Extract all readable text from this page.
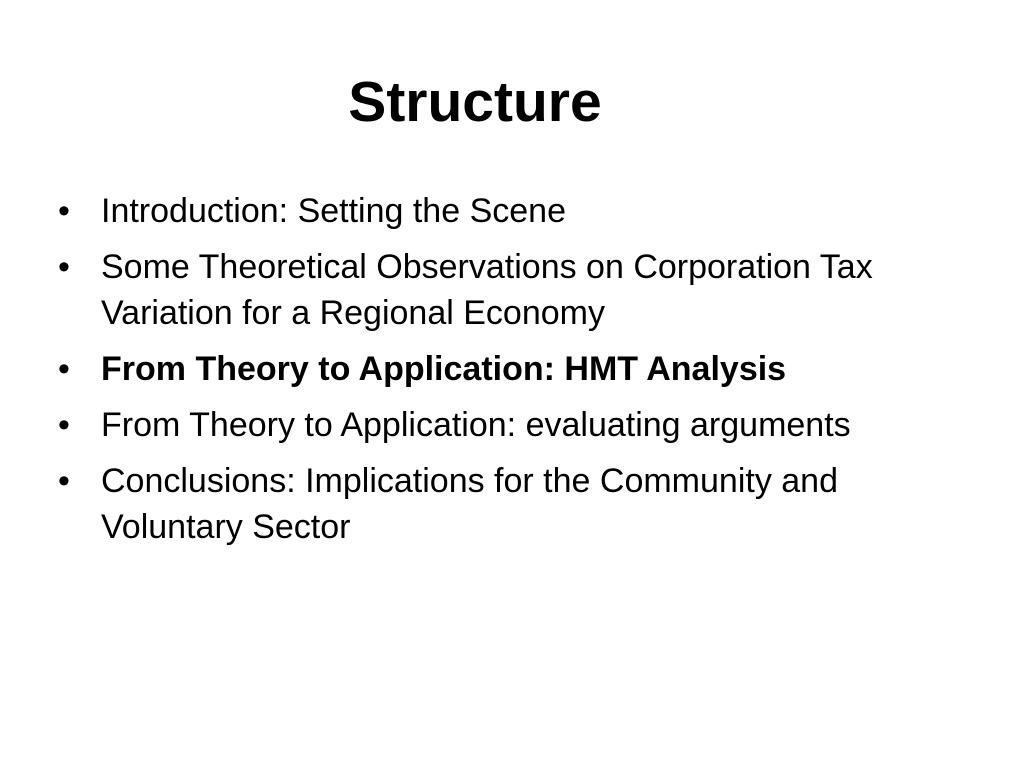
Structure
• Introduction: Setting the Scene
• Some Theoretical Observations on Corporation Tax Variation for a Regional Economy
• From Theory to Application: HMT Analysis
• From Theory to Application: evaluating arguments
• Conclusions: Implications for the Community and Voluntary Sector
